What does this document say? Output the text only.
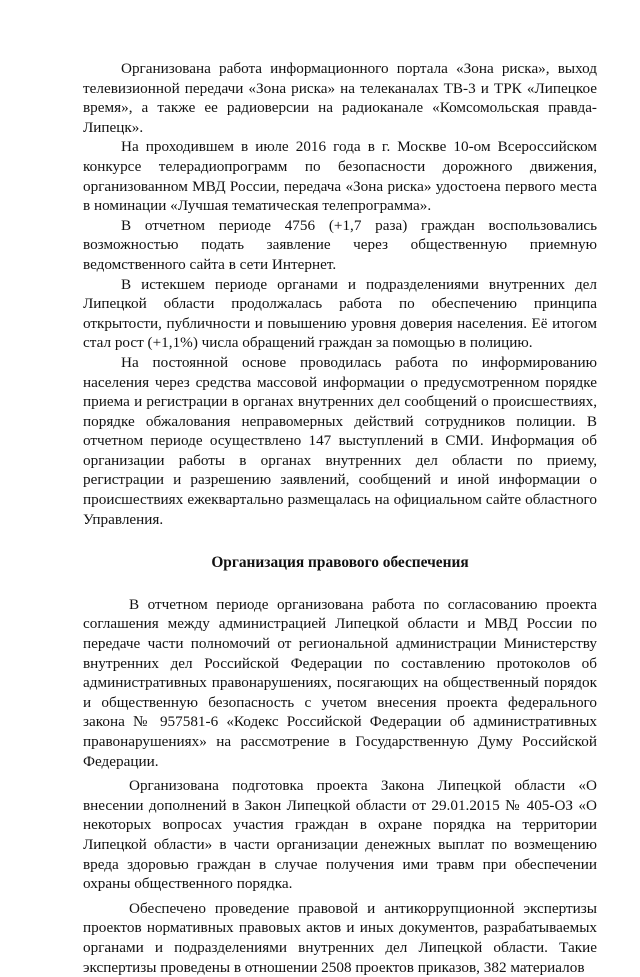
Организована работа информационного портала «Зона риска», выход телевизионной передачи «Зона риска» на телеканалах ТВ-3 и ТРК «Липецкое время», а также ее радиоверсии на радиоканале «Комсомольская правда-Липецк».

На проходившем в июле 2016 года в г. Москве 10-ом Всероссийском конкурсе телерадиопрограмм по безопасности дорожного движения, организованном МВД России, передача «Зона риска» удостоена первого места в номинации «Лучшая тематическая телепрограмма».

В отчетном периоде 4756 (+1,7 раза) граждан воспользовались возможностью подать заявление через общественную приемную ведомственного сайта в сети Интернет.

В истекшем периоде органами и подразделениями внутренних дел Липецкой области продолжалась работа по обеспечению принципа открытости, публичности и повышению уровня доверия населения. Её итогом стал рост (+1,1%) числа обращений граждан за помощью в полицию.

На постоянной основе проводилась работа по информированию населения через средства массовой информации о предусмотренном порядке приема и регистрации в органах внутренних дел сообщений о происшествиях, порядке обжалования неправомерных действий сотрудников полиции. В отчетном периоде осуществлено 147 выступлений в СМИ. Информация об организации работы в органах внутренних дел области по приему, регистрации и разрешению заявлений, сообщений и иной информации о происшествиях ежеквартально размещалась на официальном сайте областного Управления.

Организация правового обеспечения

В отчетном периоде организована работа по согласованию проекта соглашения между администрацией Липецкой области и МВД России по передаче части полномочий от региональной администрации Министерству внутренних дел Российской Федерации по составлению протоколов об административных правонарушениях, посягающих на общественный порядок и общественную безопасность с учетом внесения проекта федерального закона № 957581-6 «Кодекс Российской Федерации об административных правонарушениях» на рассмотрение в Государственную Думу Российской Федерации.

Организована подготовка проекта Закона Липецкой области «О внесении дополнений в Закон Липецкой области от 29.01.2015 № 405-ОЗ «О некоторых вопросах участия граждан в охране порядка на территории Липецкой области» в части организации денежных выплат по возмещению вреда здоровью граждан в случае получения ими травм при обеспечении охраны общественного порядка.

Обеспечено проведение правовой и антикоррупционной экспертизы проектов нормативных правовых актов и иных документов, разрабатываемых органами и подразделениями внутренних дел Липецкой области. Такие экспертизы проведены в отношении 2508 проектов приказов, 382 материалов
